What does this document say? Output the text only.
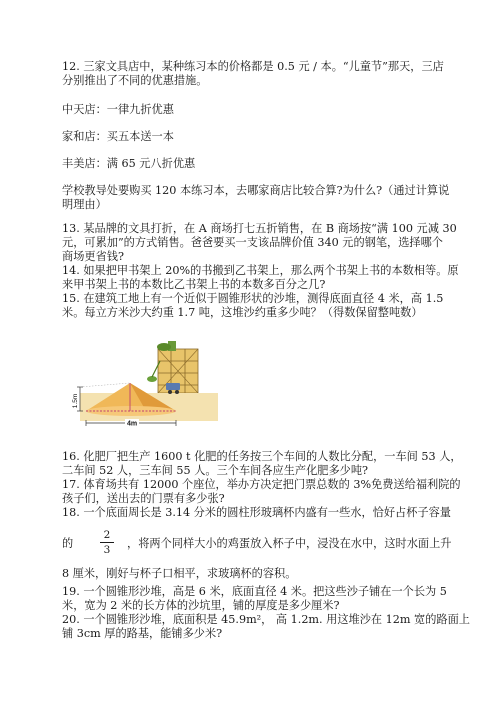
12. 三家文具店中，某种练习本的价格都是 0.5 元 / 本。“儿童节”那天，三店
分别推出了不同的优惠措施。
中天店：一律九折优惠
家和店：买五本送一本
丰美店：满 65 元八折优惠
学校教导处要购买 120 本练习本，去哪家商店比较合算?为什么?（通过计算说
明理由）
13. 某品牌的文具打折，在 A 商场打七五折销售，在 B 商场按“满 100 元减 30
元，可累加”的方式销售。爸爸要买一支该品牌价值 340 元的钢笔，选择哪个
商场更省钱?
14. 如果把甲书架上 20%的书搬到乙书架上，那么两个书架上书的本数相等。原
来甲书架上书的本数比乙书架上书的本数多百分之几?
15. 在建筑工地上有一个近似于圆锥形状的沙堆，测得底面直径 4 米，高 1.5
米。每立方米沙大约重 1.7 吨，这堆沙约重多少吨？（得数保留整吨数）
1.5m
4m
16. 化肥厂把生产 1600 t 化肥的任务按三个车间的人数比分配，一车间 53 人，
二车间 52 人，三车间 55 人。三个车间各应生产化肥多少吨?
17. 体育场共有 12000 个座位，举办方决定把门票总数的 3%免费送给福利院的
孩子们，送出去的门票有多少张?
18. 一个底面周长是 3.14 分米的圆柱形玻璃杯内盛有一些水，恰好占杯子容量
的
2
3	，将两个同样大小的鸡蛋放入杯子中，浸没在水中，这时水面上升
8 厘米，刚好与杯子口相平，求玻璃杯的容积。
19. 一个圆锥形沙堆，高是 6 米，底面直径 4 米。把这些沙子铺在一个长为 5
米，宽为 2 米的长方体的沙坑里，铺的厚度是多少厘米?
20. 一个圆锥形沙堆，底面积是 45.9m²， 高 1.2m. 用这堆沙在 12m 宽的路面上
铺 3cm 厚的路基，能铺多少米?
